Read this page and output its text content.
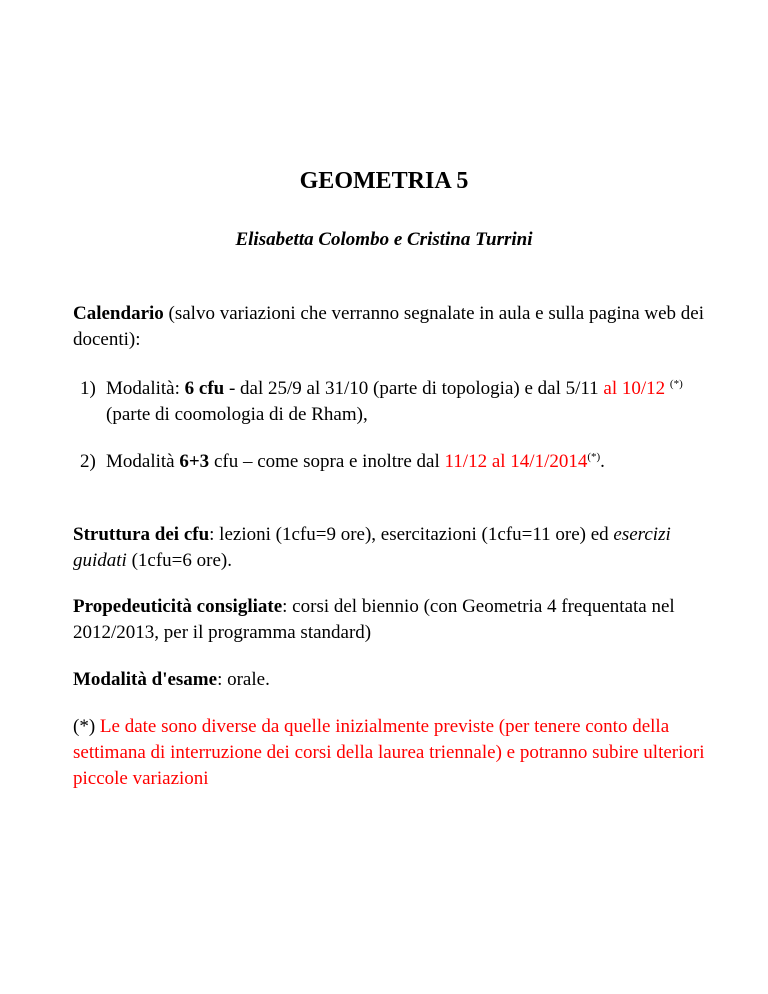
GEOMETRIA 5
Elisabetta Colombo e Cristina Turrini
Calendario (salvo variazioni che verranno segnalate in aula e sulla pagina web dei docenti):
1) Modalità: 6 cfu - dal 25/9 al 31/10 (parte di topologia) e dal 5/11 al 10/12 (*)(parte di coomologia di de Rham),
2) Modalità 6+3 cfu – come sopra e inoltre dal 11/12 al 14/1/2014(*).
Struttura dei cfu: lezioni (1cfu=9 ore), esercitazioni (1cfu=11 ore) ed esercizi guidati (1cfu=6 ore).
Propedeuticità consigliate: corsi del biennio (con Geometria 4 frequentata nel 2012/2013, per il programma standard)
Modalità d'esame: orale.
(*) Le date sono diverse da quelle inizialmente previste (per tenere conto della settimana di interruzione dei corsi della laurea triennale) e potranno subire ulteriori piccole variazioni
